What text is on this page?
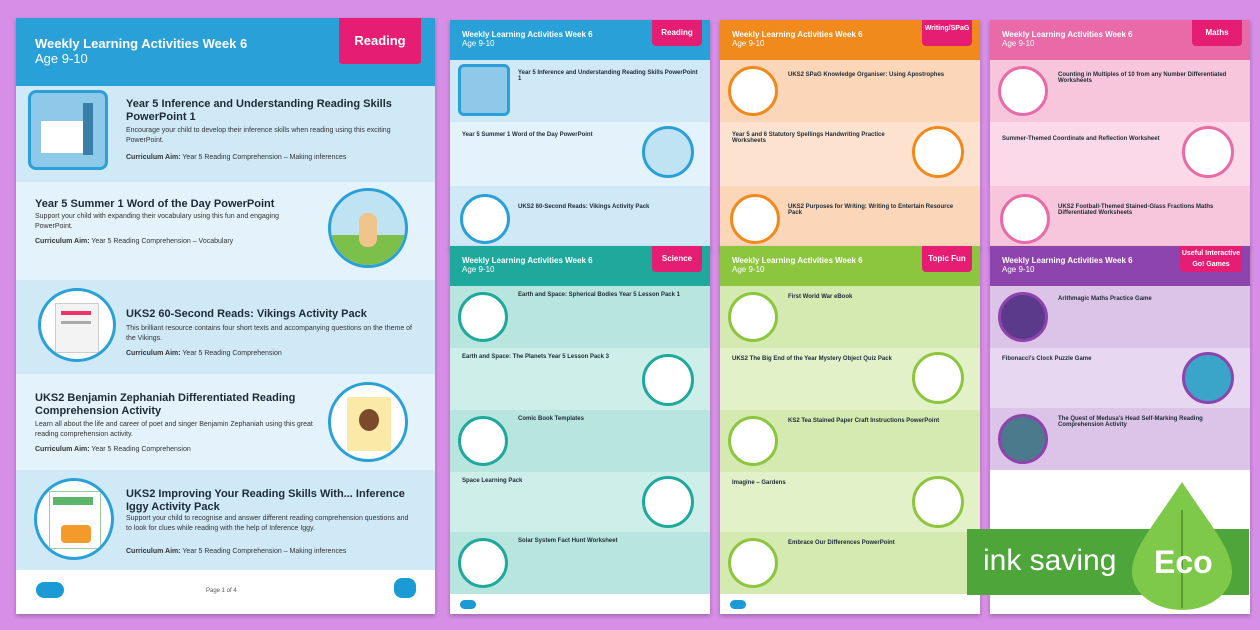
Weekly Learning Activities Week 6
Age 9-10
Reading
Year 5 Inference and Understanding Reading Skills PowerPoint 1
Encourage your child to develop their inference skills when reading using this exciting PowerPoint.
Curriculum Aim: Year 5 Reading Comprehension – Making inferences
Year 5 Summer 1 Word of the Day PowerPoint
Support your child with expanding their vocabulary using this fun and engaging PowerPoint.
Curriculum Aim: Year 5 Reading Comprehension – Vocabulary
UKS2 60-Second Reads: Vikings Activity Pack
This brilliant resource contains four short texts and accompanying questions on the theme of the Vikings.
Curriculum Aim: Year 5 Reading Comprehension
UKS2 Benjamin Zephaniah Differentiated Reading Comprehension Activity
Learn all about the life and career of poet and singer Benjamin Zephaniah using this great reading comprehension activity.
Curriculum Aim: Year 5 Reading Comprehension
UKS2 Improving Your Reading Skills With... Inference Iggy Activity Pack
Support your child to recognise and answer different reading comprehension questions and to look for clues while reading with the help of Inference Iggy.
Curriculum Aim: Year 5 Reading Comprehension – Making inferences
Page 1 of 4
Weekly Learning Activities Week 6
Age 9-10
Reading
Year 5 Inference and Understanding Reading Skills PowerPoint 1
Year 5 Summer 1 Word of the Day PowerPoint
UKS2 60-Second Reads: Vikings Activity Pack
Weekly Learning Activities Week 6
Age 9-10
Writing/SPaG
UKS2 SPaG Knowledge Organiser: Using Apostrophes
Year 5 and 6 Statutory Spellings Handwriting Practice Worksheets
UKS2 Purposes for Writing: Writing to Entertain Resource Pack
Weekly Learning Activities Week 6
Age 9-10
Maths
Counting in Multiples of 10 from any Number Differentiated Worksheets
Summer-Themed Coordinate and Reflection Worksheet
UKS2 Football-Themed Stained-Glass Fractions Maths Differentiated Worksheets
Weekly Learning Activities Week 6
Age 9-10
Science
Earth and Space: Spherical Bodies Year 5 Lesson Pack 1
Earth and Space: The Planets Year 5 Lesson Pack 3
Comic Book Templates
Space Learning Pack
Solar System Fact Hunt Worksheet
Weekly Learning Activities Week 6
Age 9-10
Topic Fun
First World War eBook
UKS2 The Big End of the Year Mystery Object Quiz Pack
KS2 Tea Stained Paper Craft Instructions PowerPoint
Imagine – Gardens
Embrace Our Differences PowerPoint
Weekly Learning Activities Week 6
Age 9-10
Useful Interactive Go! Games
Arithmagic Maths Practice Game
Fibonacci's Clock Puzzle Game
The Quest of Medusa's Head Self-Marking Reading Comprehension Activity
ink saving Eco
